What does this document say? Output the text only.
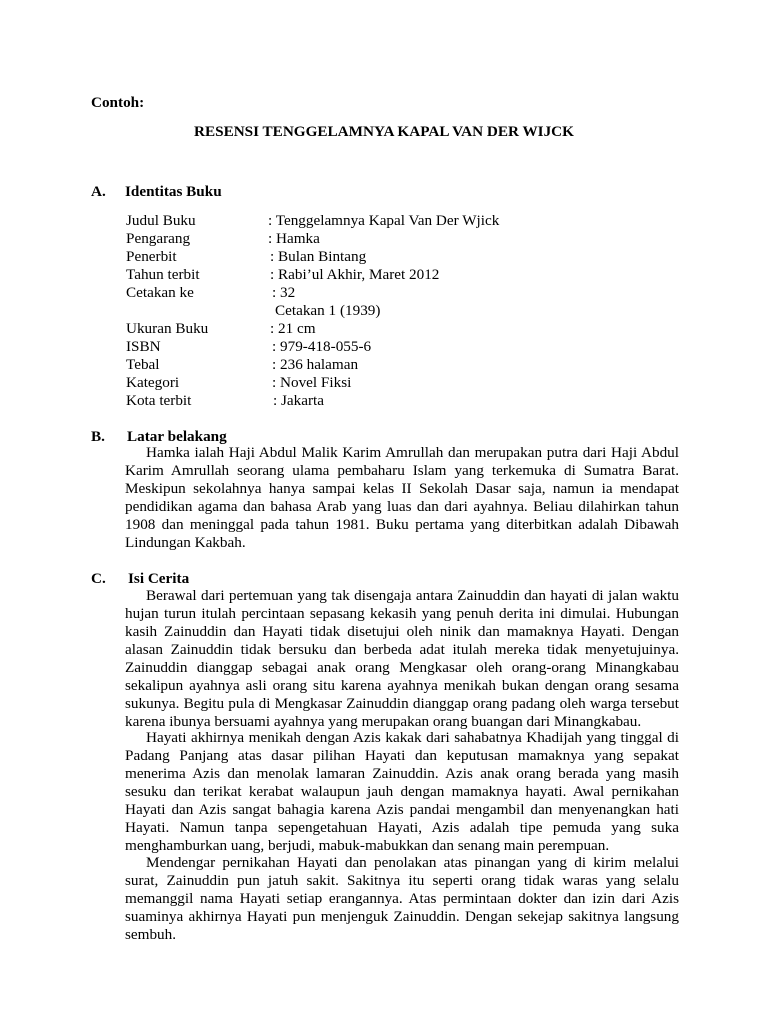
Contoh:
RESENSI TENGGELAMNYA KAPAL VAN DER WIJCK
A. Identitas Buku
Judul Buku	: Tenggelamnya Kapal Van Der Wjick
Pengarang	: Hamka
Penerbit	: Bulan Bintang
Tahun terbit	: Rabi’ul Akhir, Maret 2012
Cetakan ke	: 32
Cetakan 1 (1939)
Ukuran Buku	: 21 cm
ISBN	: 979-418-055-6
Tebal	: 236 halaman
Kategori	: Novel Fiksi
Kota terbit	: Jakarta
B. Latar belakang
Hamka ialah Haji Abdul Malik Karim Amrullah dan merupakan putra dari Haji Abdul Karim Amrullah seorang ulama pembaharu Islam yang terkemuka di Sumatra Barat. Meskipun sekolahnya hanya sampai kelas II Sekolah Dasar saja, namun ia mendapat pendidikan agama dan bahasa Arab yang luas dan dari ayahnya. Beliau dilahirkan tahun 1908 dan meninggal pada tahun 1981. Buku pertama yang diterbitkan adalah Dibawah Lindungan Kakbah.
C. Isi Cerita
Berawal dari pertemuan yang tak disengaja antara Zainuddin dan hayati di jalan waktu hujan turun itulah percintaan sepasang kekasih yang penuh derita ini dimulai. Hubungan kasih Zainuddin dan Hayati tidak disetujui oleh ninik dan mamaknya Hayati. Dengan alasan Zainuddin tidak bersuku dan berbeda adat itulah mereka tidak menyetujuinya. Zainuddin dianggap sebagai anak orang Mengkasar oleh orang-orang Minangkabau sekalipun ayahnya asli orang situ karena ayahnya menikah bukan dengan orang sesama sukunya. Begitu pula di Mengkasar Zainuddin dianggap orang padang oleh warga tersebut karena ibunya bersuami ayahnya yang merupakan orang buangan dari Minangkabau.
Hayati akhirnya menikah dengan Azis kakak dari sahabatnya Khadijah yang tinggal di Padang Panjang atas dasar pilihan Hayati dan keputusan mamaknya yang sepakat menerima Azis dan menolak lamaran Zainuddin. Azis anak orang berada yang masih sesuku dan terikat kerabat walaupun jauh dengan mamaknya hayati. Awal pernikahan Hayati dan Azis sangat bahagia karena Azis pandai mengambil dan menyenangkan hati Hayati. Namun tanpa sepengetahuan Hayati, Azis adalah tipe pemuda yang suka menghamburkan uang, berjudi, mabuk-mabukkan dan senang main perempuan.
Mendengar pernikahan Hayati dan penolakan atas pinangan yang di kirim melalui surat, Zainuddin pun jatuh sakit. Sakitnya itu seperti orang tidak waras yang selalu memanggil nama Hayati setiap erangannya. Atas permintaan dokter dan izin dari Azis suaminya akhirnya Hayati pun menjenguk Zainuddin. Dengan sekejap sakitnya langsung sembuh.
